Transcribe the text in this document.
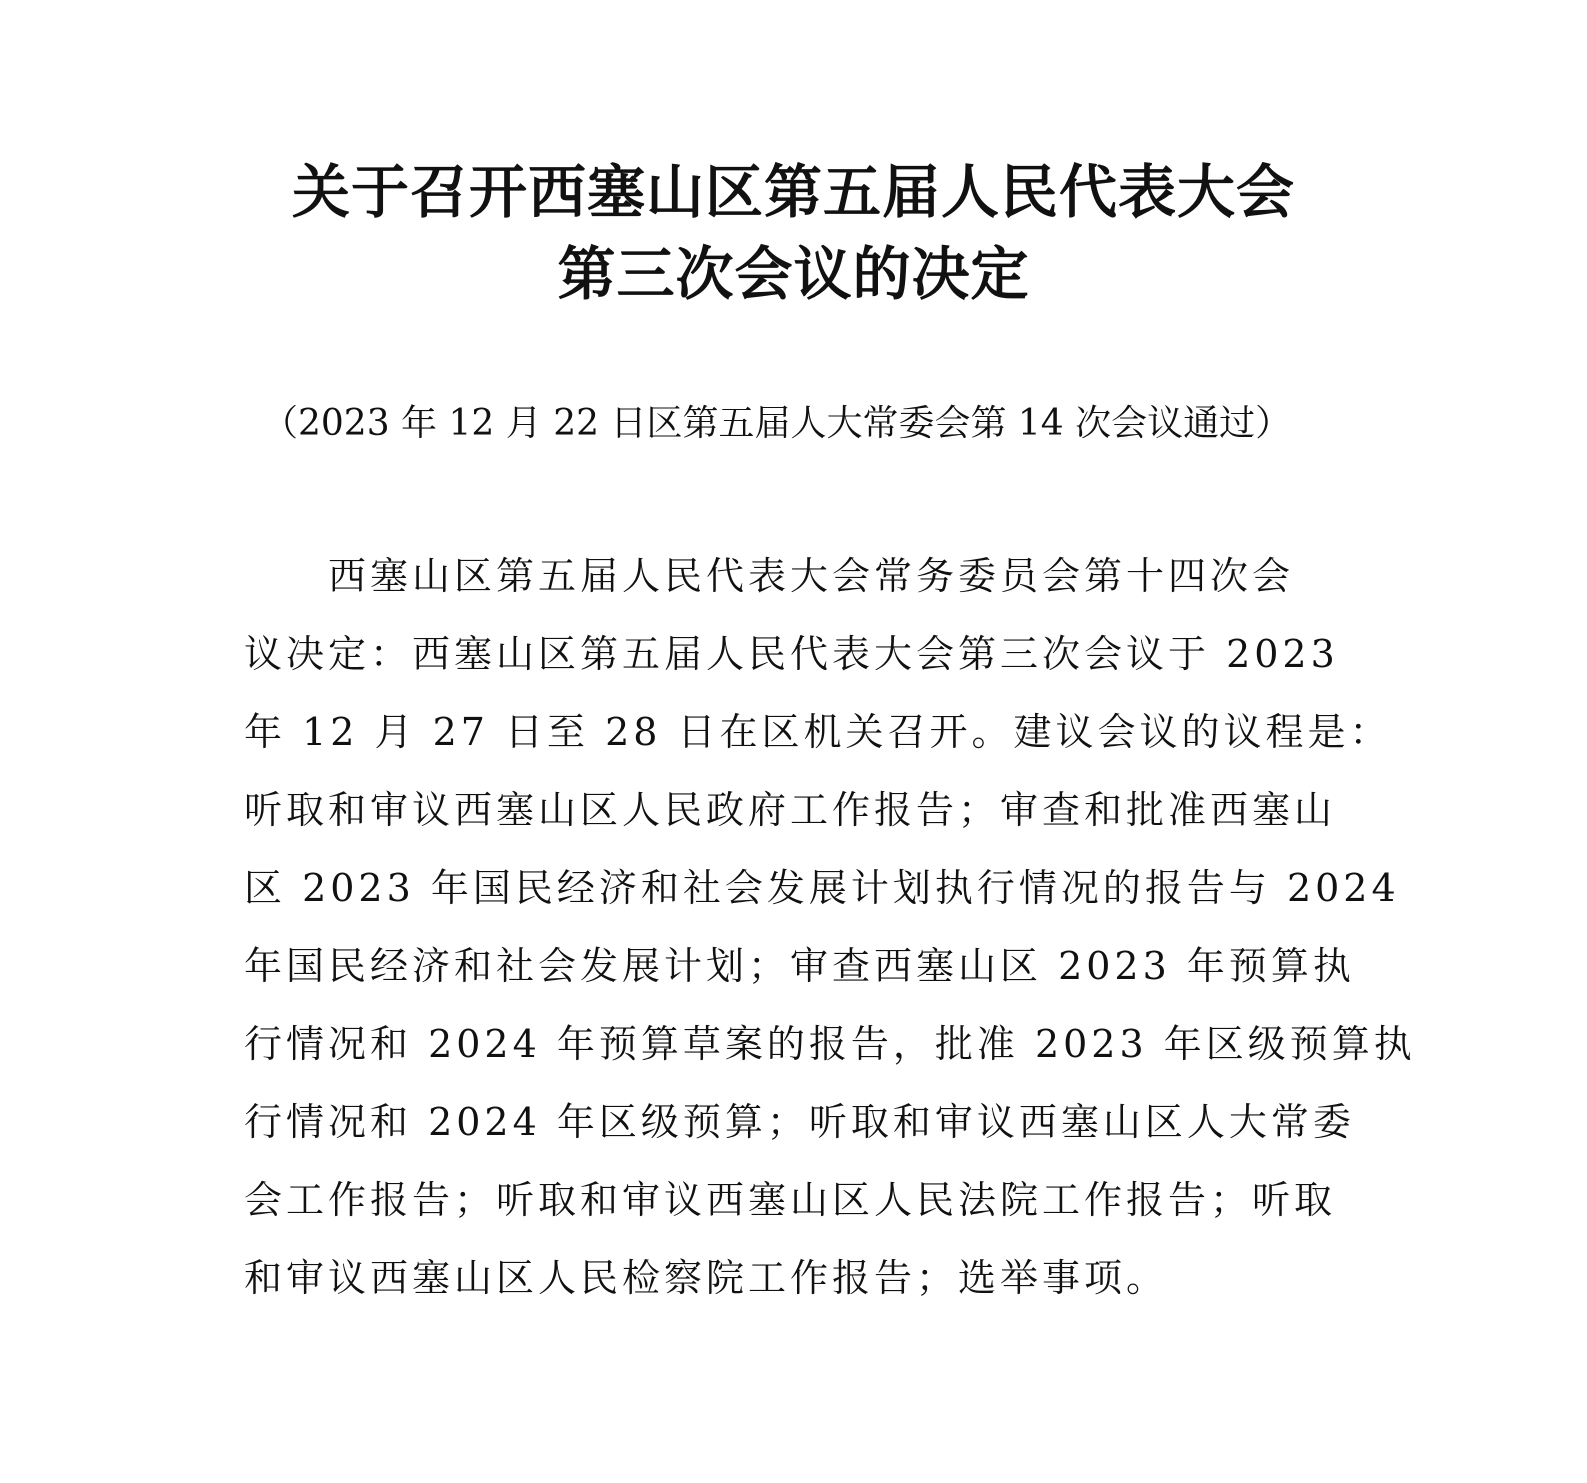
关于召开西塞山区第五届人民代表大会
第三次会议的决定

（2023 年 12 月 22 日区第五届人大常委会第 14 次会议通过）

西塞山区第五届人民代表大会常务委员会第十四次会
议决定：西塞山区第五届人民代表大会第三次会议于 2023
年 12 月 27 日至 28 日在区机关召开。建议会议的议程是：
听取和审议西塞山区人民政府工作报告；审查和批准西塞山
区 2023 年国民经济和社会发展计划执行情况的报告与 2024
年国民经济和社会发展计划；审查西塞山区 2023 年预算执
行情况和 2024 年预算草案的报告，批准 2023 年区级预算执
行情况和 2024 年区级预算；听取和审议西塞山区人大常委
会工作报告；听取和审议西塞山区人民法院工作报告；听取
和审议西塞山区人民检察院工作报告；选举事项。
